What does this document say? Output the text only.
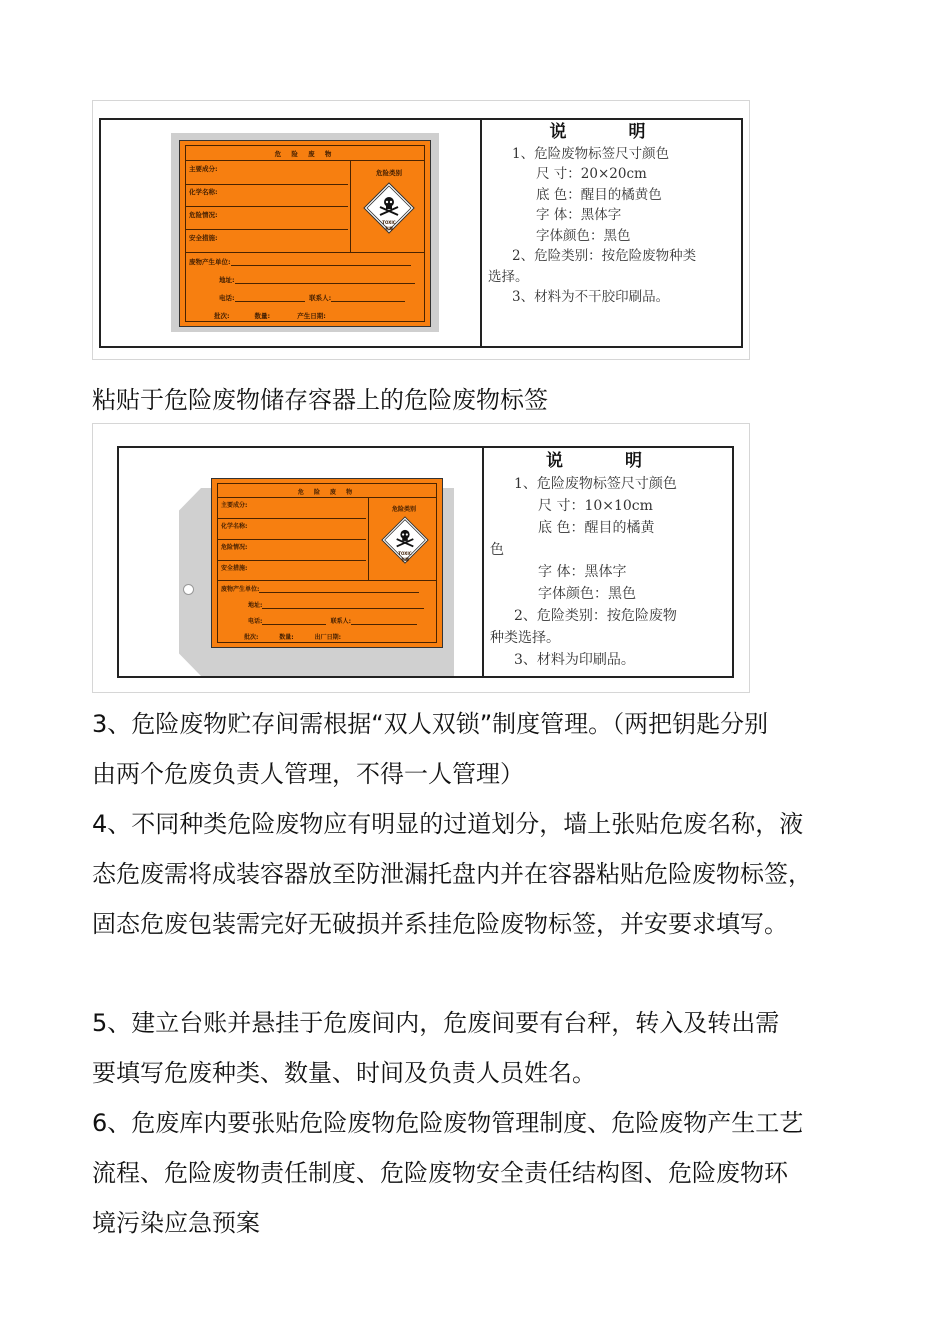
危 险 废 物
主要成分:
化学名称:
危险情况:
安全措施:
危险类别
TOXIC
有毒
废物产生单位:
地址:
电话:	联系人:
批次:	数量:	产生日期:
说 明
1、危险废物标签尺寸颜色
尺 寸：20×20cm
底 色：醒目的橘黄色
字 体：黑体字
字体颜色：黑色
2、危险类别：按危险废物种类
选择。
3、材料为不干胶印刷品。
粘贴于危险废物储存容器上的危险废物标签
危 险 废 物
主要成分:
化学名称:
危险情况:
安全措施:
危险类别
TOXIC
有毒
废物产生单位:
地址:
电话:	联系人:
批次:	数量:	出厂日期:
说 明
1、危险废物标签尺寸颜色
尺 寸：10×10cm
底 色：醒目的橘黄
色
字 体：黑体字
字体颜色：黑色
2、危险类别：按危险废物
种类选择。
3、材料为印刷品。
3、危险废物贮存间需根据“双人双锁”制度管理。（两把钥匙分别
由两个危废负责人管理，不得一人管理）
4、不同种类危险废物应有明显的过道划分，墙上张贴危废名称，液
态危废需将成装容器放至防泄漏托盘内并在容器粘贴危险废物标签，
固态危废包装需完好无破损并系挂危险废物标签，并安要求填写。
5、建立台账并悬挂于危废间内，危废间要有台秤，转入及转出需
要填写危废种类、数量、时间及负责人员姓名。
6、危废库内要张贴危险废物危险废物管理制度、危险废物产生工艺
流程、危险废物责任制度、危险废物安全责任结构图、危险废物环
境污染应急预案
